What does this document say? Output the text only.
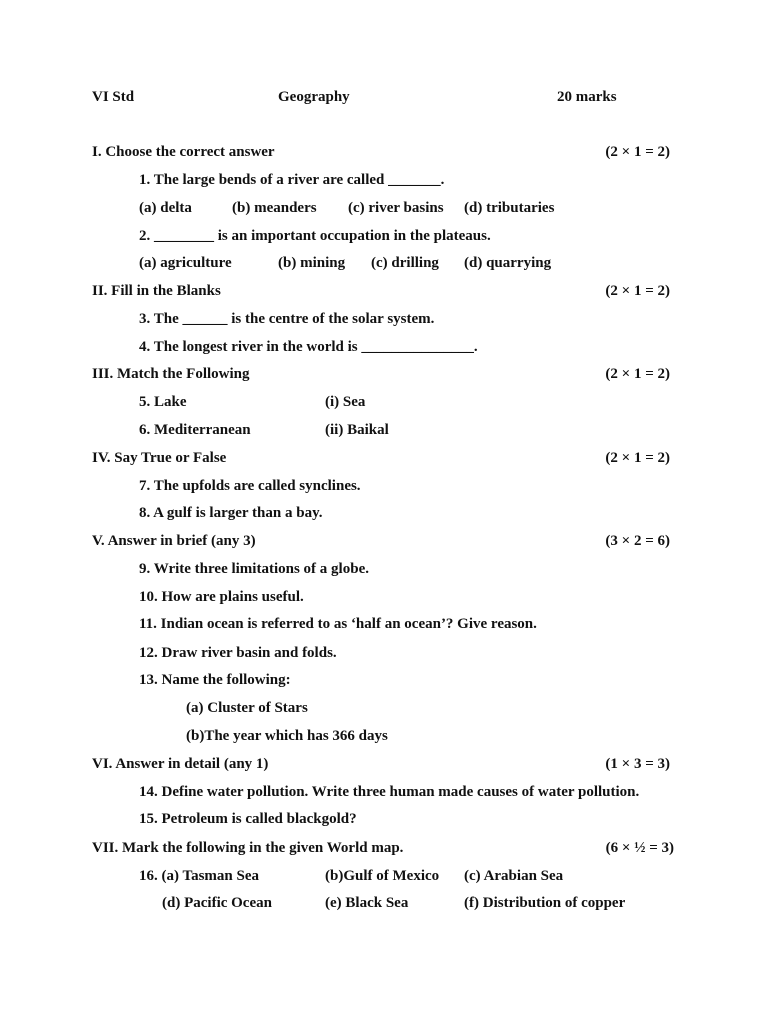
VI Std	Geography	20 marks
I. Choose the correct answer	(2 × 1 = 2)
1. The large bends of a river are called _______.
(a) delta	(b) meanders (c) river basins (d) tributaries
2. ________ is an important occupation in the plateaus.
(a) agriculture	(b) mining (c) drilling (d) quarrying
II. Fill in the Blanks	(2 × 1 = 2)
3. The ______ is the centre of the solar system.
4. The longest river in the world is _______________.
III. Match the Following	(2 × 1 = 2)
5. Lake	(i) Sea
6. Mediterranean	(ii) Baikal
IV. Say True or False	(2 × 1 = 2)
7. The upfolds are called synclines.
8. A gulf is larger than a bay.
V. Answer in brief (any 3)	(3 × 2 = 6)
9. Write three limitations of a globe.
10. How are plains useful.
11. Indian ocean is referred to as ‘half an ocean’? Give reason.
12. Draw river basin and folds.
13. Name the following:
(a) Cluster of Stars
(b)The year which has 366 days
VI. Answer in detail (any 1)	(1 × 3 = 3)
14. Define water pollution. Write three human made causes of water pollution.
15. Petroleum is called blackgold?
VII. Mark the following in the given World map.	(6 × ½ = 3)
16. (a) Tasman Sea	(b)Gulf of Mexico (c) Arabian Sea
(d) Pacific Ocean	(e) Black Sea	(f) Distribution of copper
